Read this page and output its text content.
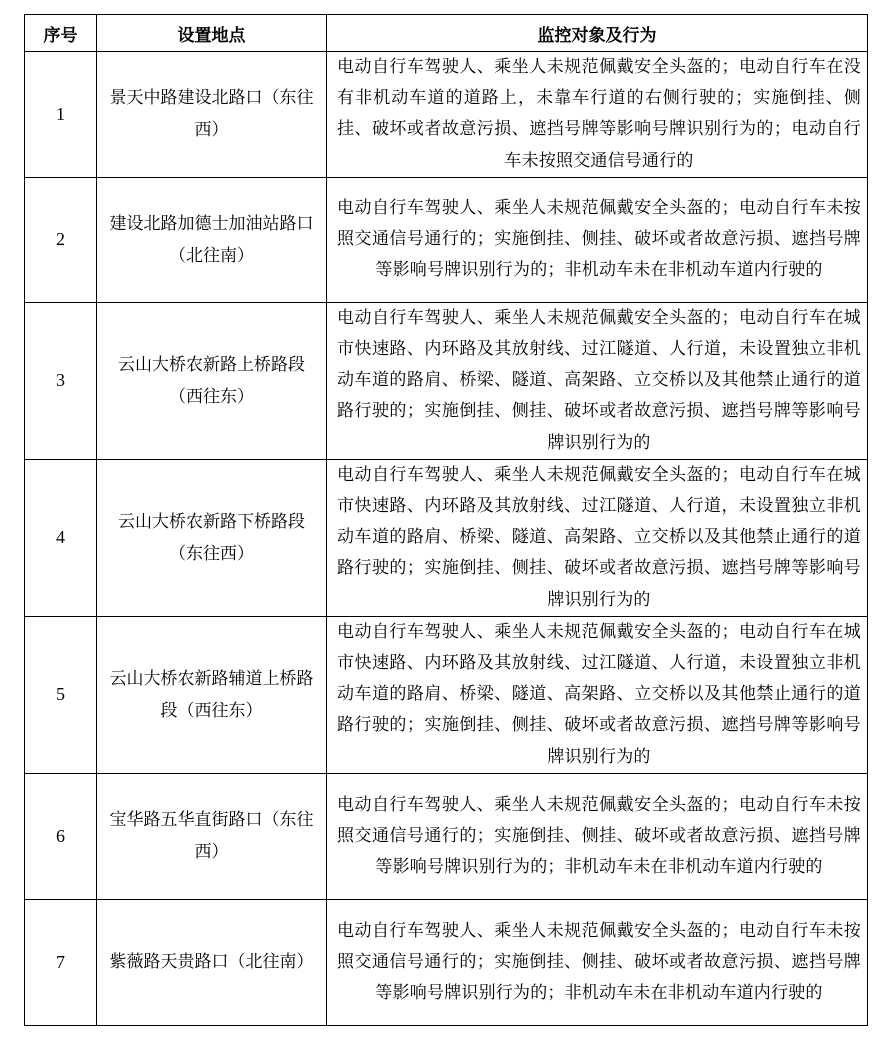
序号	设置地点	监控对象及行为
1	景天中路建设北路口（东往西）	电动自行车驾驶人、乘坐人未规范佩戴安全头盔的；电动自行车在没有非机动车道的道路上，未靠车行道的右侧行驶的；实施倒挂、侧挂、破坏或者故意污损、遮挡号牌等影响号牌识别行为的；电动自行车未按照交通信号通行的
2	建设北路加德士加油站路口（北往南）	电动自行车驾驶人、乘坐人未规范佩戴安全头盔的；电动自行车未按照交通信号通行的；实施倒挂、侧挂、破坏或者故意污损、遮挡号牌等影响号牌识别行为的；非机动车未在非机动车道内行驶的
3	云山大桥农新路上桥路段（西往东）	电动自行车驾驶人、乘坐人未规范佩戴安全头盔的；电动自行车在城市快速路、内环路及其放射线、过江隧道、人行道，未设置独立非机动车道的路肩、桥梁、隧道、高架路、立交桥以及其他禁止通行的道路行驶的；实施倒挂、侧挂、破坏或者故意污损、遮挡号牌等影响号牌识别行为的
4	云山大桥农新路下桥路段（东往西）	电动自行车驾驶人、乘坐人未规范佩戴安全头盔的；电动自行车在城市快速路、内环路及其放射线、过江隧道、人行道，未设置独立非机动车道的路肩、桥梁、隧道、高架路、立交桥以及其他禁止通行的道路行驶的；实施倒挂、侧挂、破坏或者故意污损、遮挡号牌等影响号牌识别行为的
5	云山大桥农新路辅道上桥路段（西往东）	电动自行车驾驶人、乘坐人未规范佩戴安全头盔的；电动自行车在城市快速路、内环路及其放射线、过江隧道、人行道，未设置独立非机动车道的路肩、桥梁、隧道、高架路、立交桥以及其他禁止通行的道路行驶的；实施倒挂、侧挂、破坏或者故意污损、遮挡号牌等影响号牌识别行为的
6	宝华路五华直街路口（东往西）	电动自行车驾驶人、乘坐人未规范佩戴安全头盔的；电动自行车未按照交通信号通行的；实施倒挂、侧挂、破坏或者故意污损、遮挡号牌等影响号牌识别行为的；非机动车未在非机动车道内行驶的
7	紫薇路天贵路口（北往南）	电动自行车驾驶人、乘坐人未规范佩戴安全头盔的；电动自行车未按照交通信号通行的；实施倒挂、侧挂、破坏或者故意污损、遮挡号牌等影响号牌识别行为的；非机动车未在非机动车道内行驶的
